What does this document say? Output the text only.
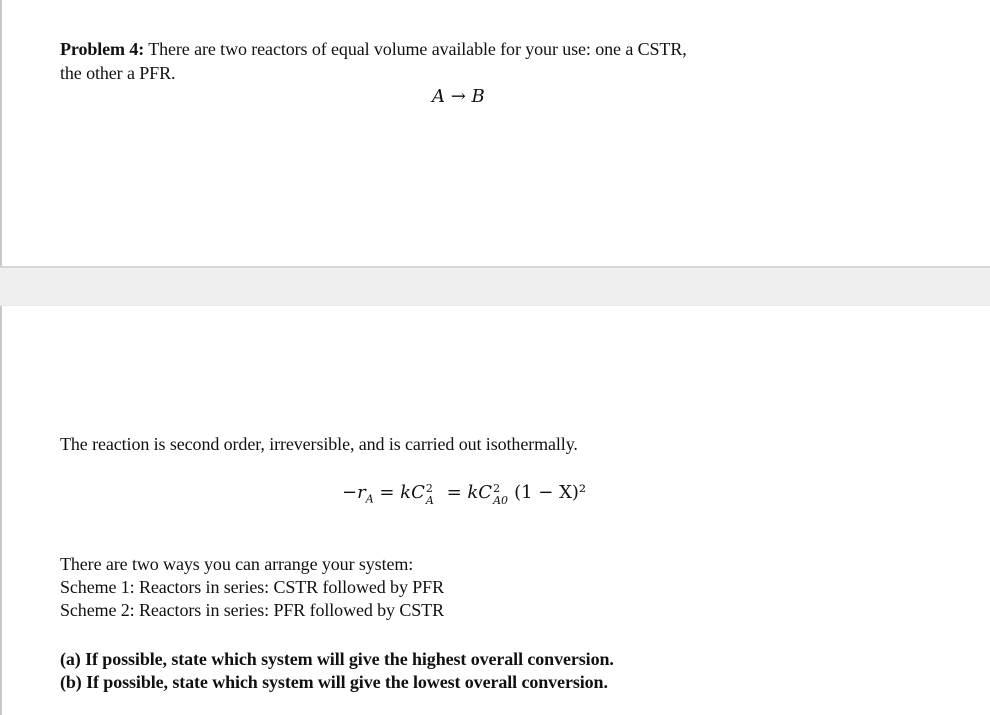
Problem 4: There are two reactors of equal volume available for your use: one a CSTR,
the other a PFR.
A → B
The reaction is second order, irreversible, and is carried out isothermally.
$-r_A$ = kC 2
A = kC 2
A0 (1 − X)²
There are two ways you can arrange your system:
Scheme 1: Reactors in series: CSTR followed by PFR
Scheme 2: Reactors in series: PFR followed by CSTR
(a) If possible, state which system will give the highest overall conversion.
(b) If possible, state which system will give the lowest overall conversion.
